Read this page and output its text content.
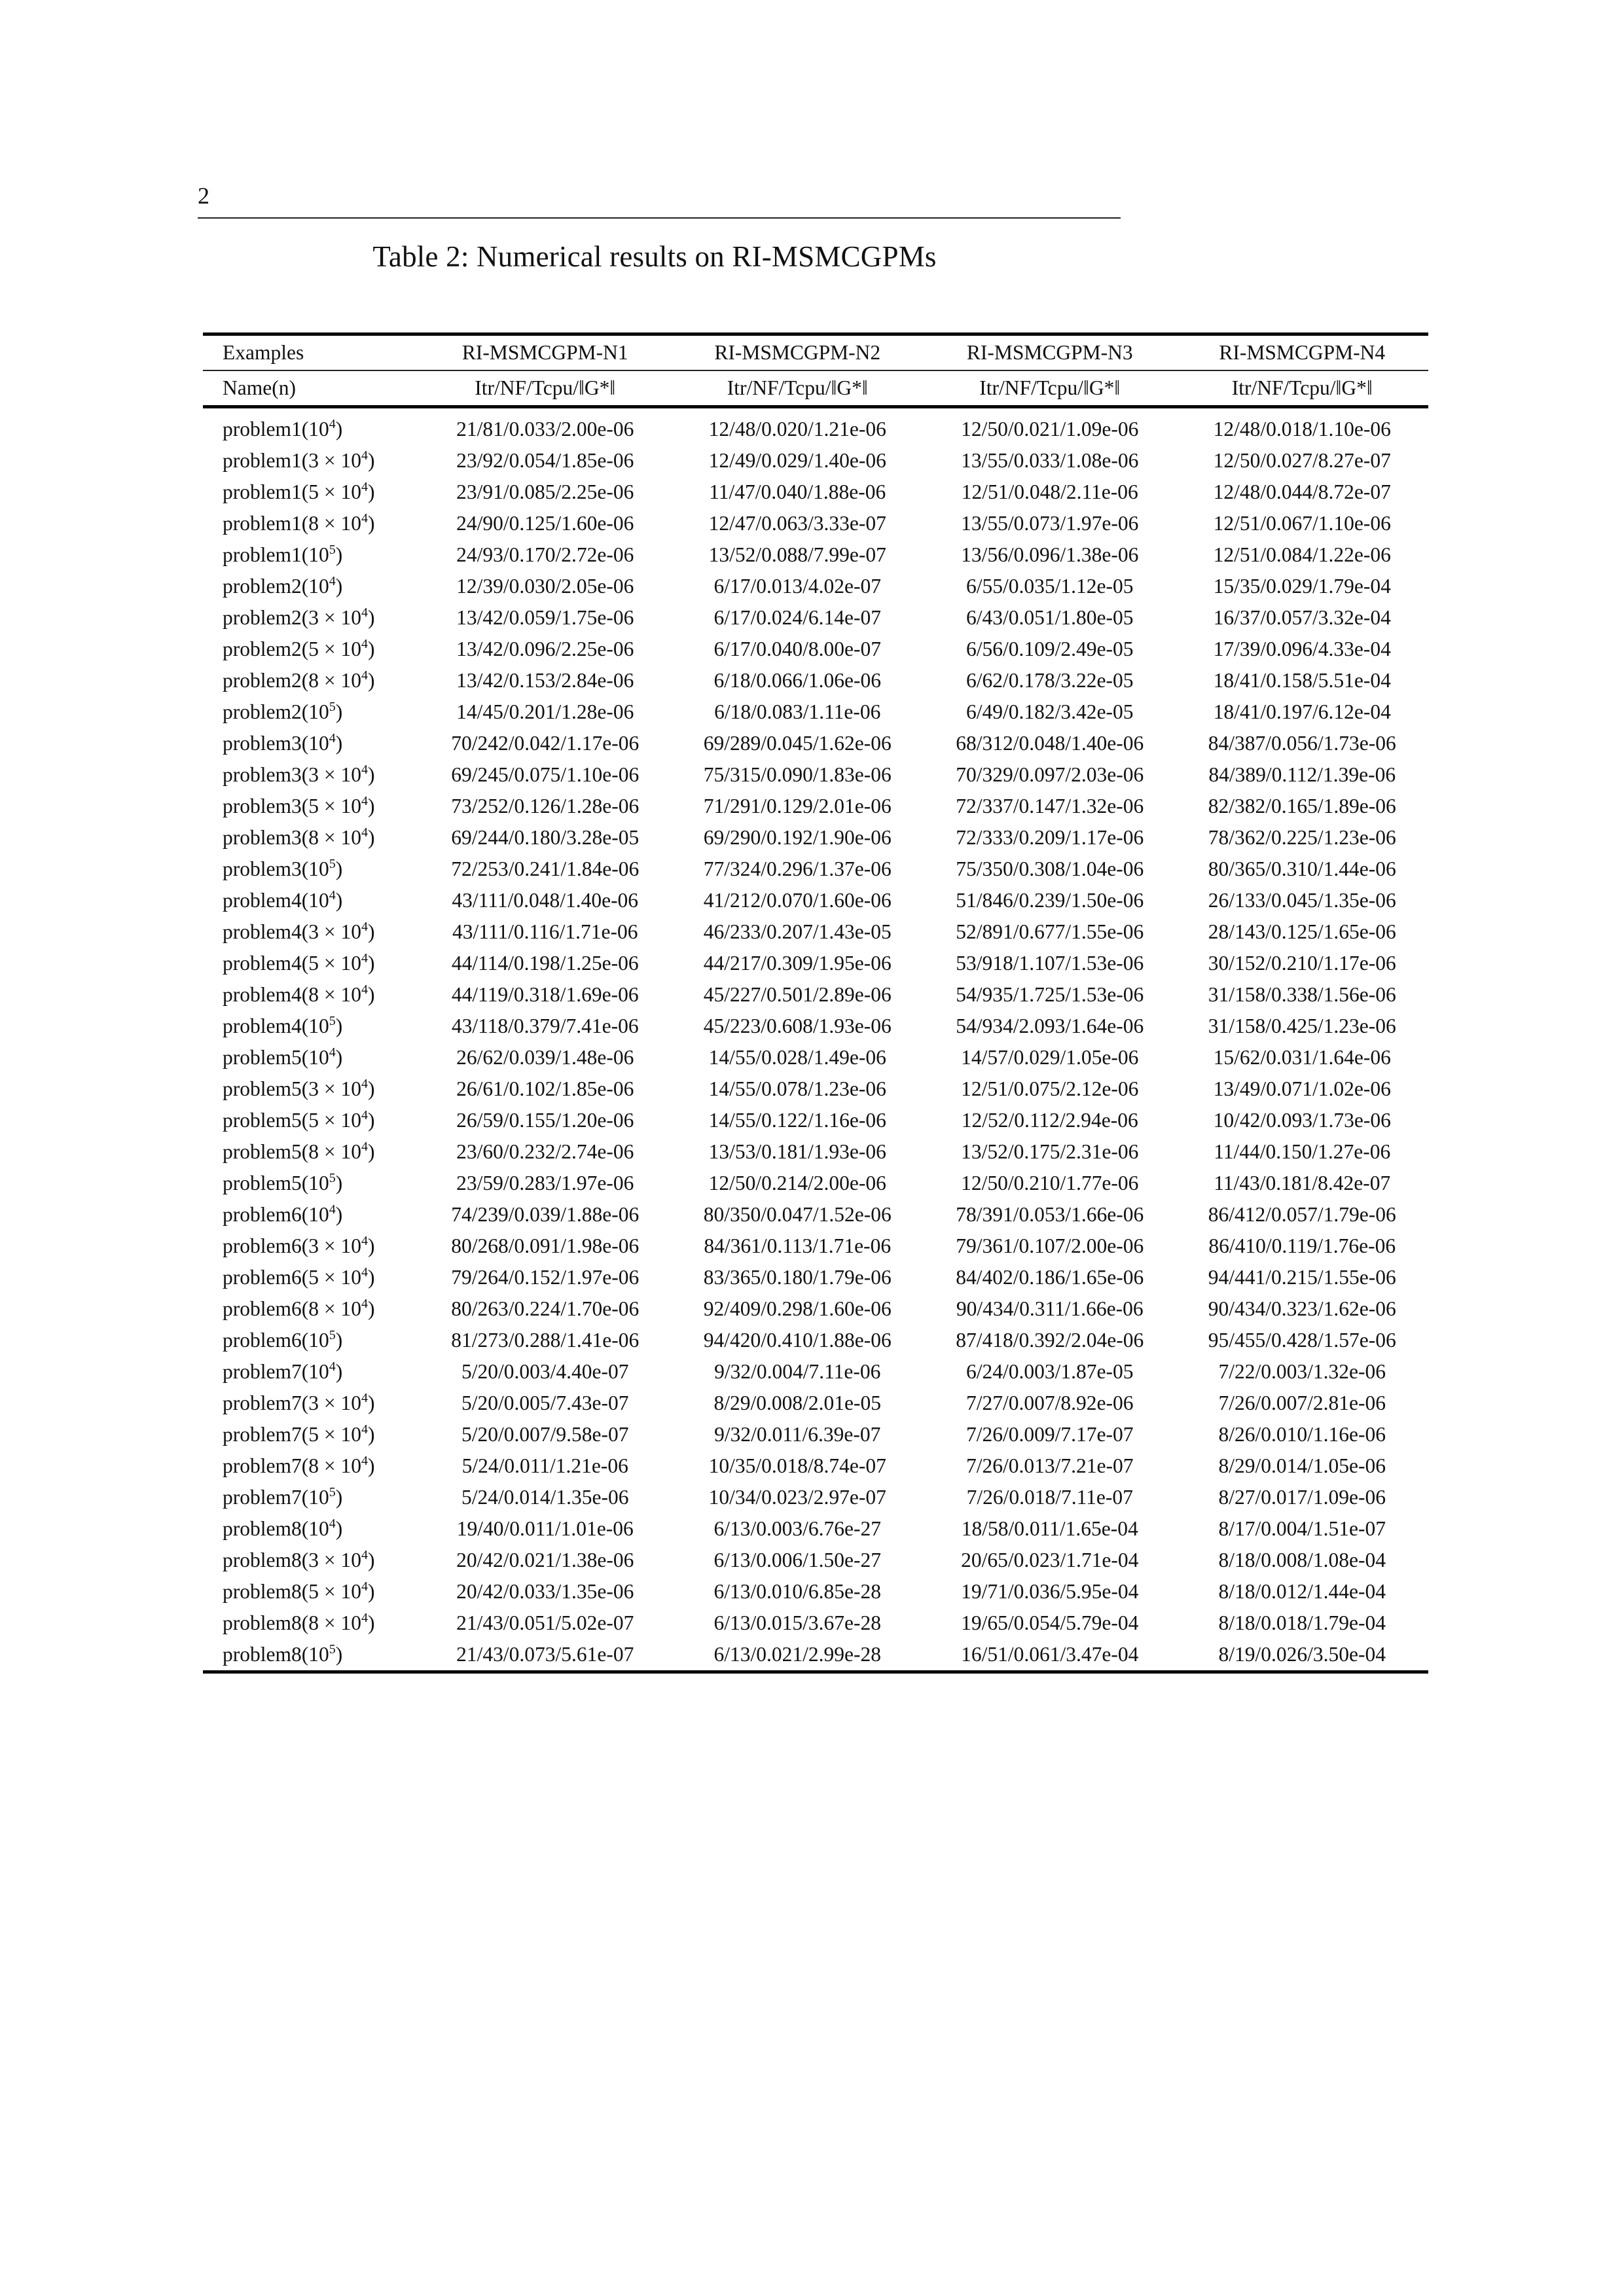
2
Table 2: Numerical results on RI-MSMCGPMs
Examples	RI-MSMCGPM-N1	RI-MSMCGPM-N2	RI-MSMCGPM-N3	RI-MSMCGPM-N4
Name(n)	Itr/NF/Tcpu/‖G*‖	Itr/NF/Tcpu/‖G*‖	Itr/NF/Tcpu/‖G*‖	Itr/NF/Tcpu/‖G*‖
$problem1(10^4)$	21/81/0.033/2.00e-06	12/48/0.020/1.21e-06	12/50/0.021/1.09e-06	12/48/0.018/1.10e-06
problem1(3 × $10^4$)	23/92/0.054/1.85e-06	12/49/0.029/1.40e-06	13/55/0.033/1.08e-06	12/50/0.027/8.27e-07
problem1(5 × $10^4$)	23/91/0.085/2.25e-06	11/47/0.040/1.88e-06	12/51/0.048/2.11e-06	12/48/0.044/8.72e-07
problem1(8 × $10^4$)	24/90/0.125/1.60e-06	12/47/0.063/3.33e-07	13/55/0.073/1.97e-06	12/51/0.067/1.10e-06
$problem1(10^5)$	24/93/0.170/2.72e-06	13/52/0.088/7.99e-07	13/56/0.096/1.38e-06	12/51/0.084/1.22e-06
$problem2(10^4)$	12/39/0.030/2.05e-06	6/17/0.013/4.02e-07	6/55/0.035/1.12e-05	15/35/0.029/1.79e-04
problem2(3 × $10^4$)	13/42/0.059/1.75e-06	6/17/0.024/6.14e-07	6/43/0.051/1.80e-05	16/37/0.057/3.32e-04
problem2(5 × $10^4$)	13/42/0.096/2.25e-06	6/17/0.040/8.00e-07	6/56/0.109/2.49e-05	17/39/0.096/4.33e-04
problem2(8 × $10^4$)	13/42/0.153/2.84e-06	6/18/0.066/1.06e-06	6/62/0.178/3.22e-05	18/41/0.158/5.51e-04
$problem2(10^5)$	14/45/0.201/1.28e-06	6/18/0.083/1.11e-06	6/49/0.182/3.42e-05	18/41/0.197/6.12e-04
$problem3(10^4)$	70/242/0.042/1.17e-06	69/289/0.045/1.62e-06	68/312/0.048/1.40e-06	84/387/0.056/1.73e-06
problem3(3 × $10^4$)	69/245/0.075/1.10e-06	75/315/0.090/1.83e-06	70/329/0.097/2.03e-06	84/389/0.112/1.39e-06
problem3(5 × $10^4$)	73/252/0.126/1.28e-06	71/291/0.129/2.01e-06	72/337/0.147/1.32e-06	82/382/0.165/1.89e-06
problem3(8 × $10^4$)	69/244/0.180/3.28e-05	69/290/0.192/1.90e-06	72/333/0.209/1.17e-06	78/362/0.225/1.23e-06
$problem3(10^5)$	72/253/0.241/1.84e-06	77/324/0.296/1.37e-06	75/350/0.308/1.04e-06	80/365/0.310/1.44e-06
$problem4(10^4)$	43/111/0.048/1.40e-06	41/212/0.070/1.60e-06	51/846/0.239/1.50e-06	26/133/0.045/1.35e-06
problem4(3 × $10^4$)	43/111/0.116/1.71e-06	46/233/0.207/1.43e-05	52/891/0.677/1.55e-06	28/143/0.125/1.65e-06
problem4(5 × $10^4$)	44/114/0.198/1.25e-06	44/217/0.309/1.95e-06	53/918/1.107/1.53e-06	30/152/0.210/1.17e-06
problem4(8 × $10^4$)	44/119/0.318/1.69e-06	45/227/0.501/2.89e-06	54/935/1.725/1.53e-06	31/158/0.338/1.56e-06
$problem4(10^5)$	43/118/0.379/7.41e-06	45/223/0.608/1.93e-06	54/934/2.093/1.64e-06	31/158/0.425/1.23e-06
$problem5(10^4)$	26/62/0.039/1.48e-06	14/55/0.028/1.49e-06	14/57/0.029/1.05e-06	15/62/0.031/1.64e-06
problem5(3 × $10^4$)	26/61/0.102/1.85e-06	14/55/0.078/1.23e-06	12/51/0.075/2.12e-06	13/49/0.071/1.02e-06
problem5(5 × $10^4$)	26/59/0.155/1.20e-06	14/55/0.122/1.16e-06	12/52/0.112/2.94e-06	10/42/0.093/1.73e-06
problem5(8 × $10^4$)	23/60/0.232/2.74e-06	13/53/0.181/1.93e-06	13/52/0.175/2.31e-06	11/44/0.150/1.27e-06
$problem5(10^5)$	23/59/0.283/1.97e-06	12/50/0.214/2.00e-06	12/50/0.210/1.77e-06	11/43/0.181/8.42e-07
$problem6(10^4)$	74/239/0.039/1.88e-06	80/350/0.047/1.52e-06	78/391/0.053/1.66e-06	86/412/0.057/1.79e-06
problem6(3 × $10^4$)	80/268/0.091/1.98e-06	84/361/0.113/1.71e-06	79/361/0.107/2.00e-06	86/410/0.119/1.76e-06
problem6(5 × $10^4$)	79/264/0.152/1.97e-06	83/365/0.180/1.79e-06	84/402/0.186/1.65e-06	94/441/0.215/1.55e-06
problem6(8 × $10^4$)	80/263/0.224/1.70e-06	92/409/0.298/1.60e-06	90/434/0.311/1.66e-06	90/434/0.323/1.62e-06
$problem6(10^5)$	81/273/0.288/1.41e-06	94/420/0.410/1.88e-06	87/418/0.392/2.04e-06	95/455/0.428/1.57e-06
$problem7(10^4)$	5/20/0.003/4.40e-07	9/32/0.004/7.11e-06	6/24/0.003/1.87e-05	7/22/0.003/1.32e-06
problem7(3 × $10^4$)	5/20/0.005/7.43e-07	8/29/0.008/2.01e-05	7/27/0.007/8.92e-06	7/26/0.007/2.81e-06
problem7(5 × $10^4$)	5/20/0.007/9.58e-07	9/32/0.011/6.39e-07	7/26/0.009/7.17e-07	8/26/0.010/1.16e-06
problem7(8 × $10^4$)	5/24/0.011/1.21e-06	10/35/0.018/8.74e-07	7/26/0.013/7.21e-07	8/29/0.014/1.05e-06
$problem7(10^5)$	5/24/0.014/1.35e-06	10/34/0.023/2.97e-07	7/26/0.018/7.11e-07	8/27/0.017/1.09e-06
$problem8(10^4)$	19/40/0.011/1.01e-06	6/13/0.003/6.76e-27	18/58/0.011/1.65e-04	8/17/0.004/1.51e-07
problem8(3 × $10^4$)	20/42/0.021/1.38e-06	6/13/0.006/1.50e-27	20/65/0.023/1.71e-04	8/18/0.008/1.08e-04
problem8(5 × $10^4$)	20/42/0.033/1.35e-06	6/13/0.010/6.85e-28	19/71/0.036/5.95e-04	8/18/0.012/1.44e-04
problem8(8 × $10^4$)	21/43/0.051/5.02e-07	6/13/0.015/3.67e-28	19/65/0.054/5.79e-04	8/18/0.018/1.79e-04
$problem8(10^5)$	21/43/0.073/5.61e-07	6/13/0.021/2.99e-28	16/51/0.061/3.47e-04	8/19/0.026/3.50e-04
